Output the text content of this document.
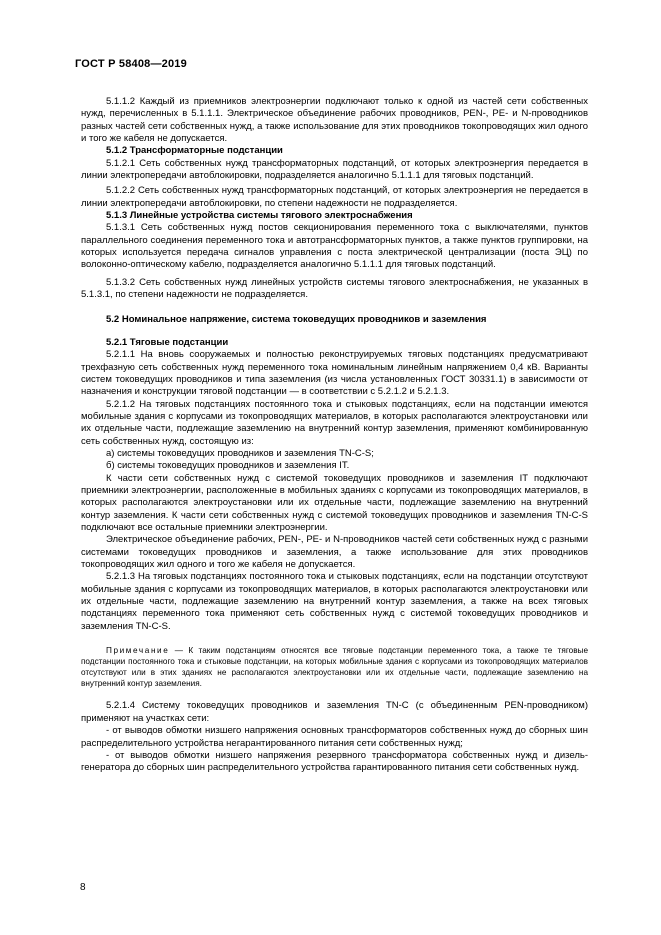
ГОСТ Р 58408—2019

5.1.1.2 Каждый из приемников электроэнергии подключают только к одной из частей сети собственных нужд, перечисленных в 5.1.1.1. Электрическое объединение рабочих проводников, PEN-, PE- и N-проводников разных частей сети собственных нужд, а также использование для этих проводников токопроводящих жил одного и того же кабеля не допускается.

5.1.2 Трансформаторные подстанции

5.1.2.1 Сеть собственных нужд трансформаторных подстанций, от которых электроэнергия передается в линии электропередачи автоблокировки, подразделяется аналогично 5.1.1.1 для тяговых подстанций.

5.1.2.2 Сеть собственных нужд трансформаторных подстанций, от которых электроэнергия не передается в линии электропередачи автоблокировки, по степени надежности не подразделяется.

5.1.3 Линейные устройства системы тягового электроснабжения

5.1.3.1 Сеть собственных нужд постов секционирования переменного тока с выключателями, пунктов параллельного соединения переменного тока и автотрансформаторных пунктов, а также пунктов группировки, на которых используется передача сигналов управления с поста электрической централизации (поста ЭЦ) по волоконно-оптическому кабелю, подразделяется аналогично 5.1.1.1 для тяговых подстанций.

5.1.3.2 Сеть собственных нужд линейных устройств системы тягового электроснабжения, не указанных в 5.1.3.1, по степени надежности не подразделяется.

5.2 Номинальное напряжение, система токоведущих проводников и заземления

5.2.1 Тяговые подстанции

5.2.1.1 На вновь сооружаемых и полностью реконструируемых тяговых подстанциях предусматривают трехфазную сеть собственных нужд переменного тока номинальным линейным напряжением 0,4 кВ. Варианты систем токоведущих проводников и типа заземления (из числа установленных ГОСТ 30331.1) в зависимости от назначения и конструкции тяговой подстанции — в соответствии с 5.2.1.2 и 5.2.1.3.

5.2.1.2 На тяговых подстанциях постоянного тока и стыковых подстанциях, если на подстанции имеются мобильные здания с корпусами из токопроводящих материалов, в которых располагаются электроустановки или их отдельные части, подлежащие заземлению на внутренний контур заземления, применяют комбинированную сеть собственных нужд, состоящую из:

а) системы токоведущих проводников и заземления TN-C-S;

б) системы токоведущих проводников и заземления IT.

К части сети собственных нужд с системой токоведущих проводников и заземления IT подключают приемники электроэнергии, расположенные в мобильных зданиях с корпусами из токопроводящих материалов, в которых располагаются электроустановки или их отдельные части, подлежащие заземлению на внутренний контур заземления. К части сети собственных нужд с системой токоведущих проводников и заземления TN-C-S подключают все остальные приемники электроэнергии.

Электрическое объединение рабочих, PEN-, PE- и N-проводников частей сети собственных нужд с разными системами токоведущих проводников и заземления, а также использование для этих проводников токопроводящих жил одного и того же кабеля не допускается.

5.2.1.3 На тяговых подстанциях постоянного тока и стыковых подстанциях, если на подстанции отсутствуют мобильные здания с корпусами из токопроводящих материалов, в которых располагаются электроустановки или их отдельные части, подлежащие заземлению на внутренний контур заземления, а также на всех тяговых подстанциях переменного тока применяют сеть собственных нужд с системой токоведущих проводников и заземления TN-C-S.

Примечание — К таким подстанциям относятся все тяговые подстанции переменного тока, а также те тяговые подстанции постоянного тока и стыковые подстанции, на которых мобильные здания с корпусами из токопроводящих материалов отсутствуют или в этих зданиях не располагаются электроустановки или их отдельные части, подлежащие заземлению на внутренний контур заземления.

5.2.1.4 Систему токоведущих проводников и заземления TN-C (с объединенным PEN-проводником) применяют на участках сети:

- от выводов обмотки низшего напряжения основных трансформаторов собственных нужд до сборных шин распределительного устройства негарантированного питания сети собственных нужд;

- от выводов обмотки низшего напряжения резервного трансформатора собственных нужд и дизель-генератора до сборных шин распределительного устройства гарантированного питания сети собственных нужд.

8
